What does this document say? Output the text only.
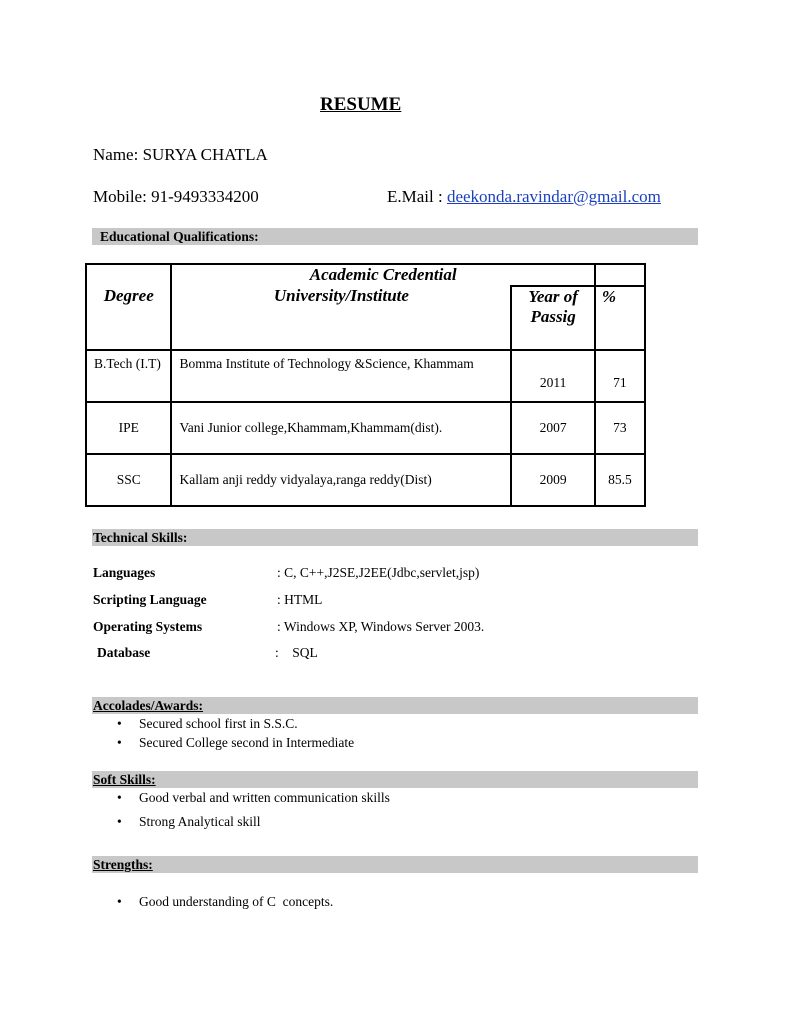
RESUME
Name: SURYA CHATLA
Mobile: 91-9493334200	E.Mail : deekonda.ravindar@gmail.com
Educational Qualifications:
	Academic Credential		
Degree	University/Institute	Year of Passig	%
B.Tech (I.T)	Bomma Institute of Technology &Science, Khammam	2011	71
IPE	Vani Junior college,Khammam,Khammam(dist).	2007	73
SSC	Kallam anji reddy vidyalaya,ranga reddy(Dist)	2009	85.5
Technical Skills:
Languages	: C, C++,J2SE,J2EE(Jdbc,servlet,jsp)
Scripting Language	: HTML
Operating Systems	: Windows XP, Windows Server 2003.
Database	:    SQL
Accolades/Awards:
• Secured school first in S.S.C.
• Secured College second in Intermediate
Soft Skills:
• Good verbal and written communication skills
• Strong Analytical skill
Strengths:
• Good understanding of C  concepts.
